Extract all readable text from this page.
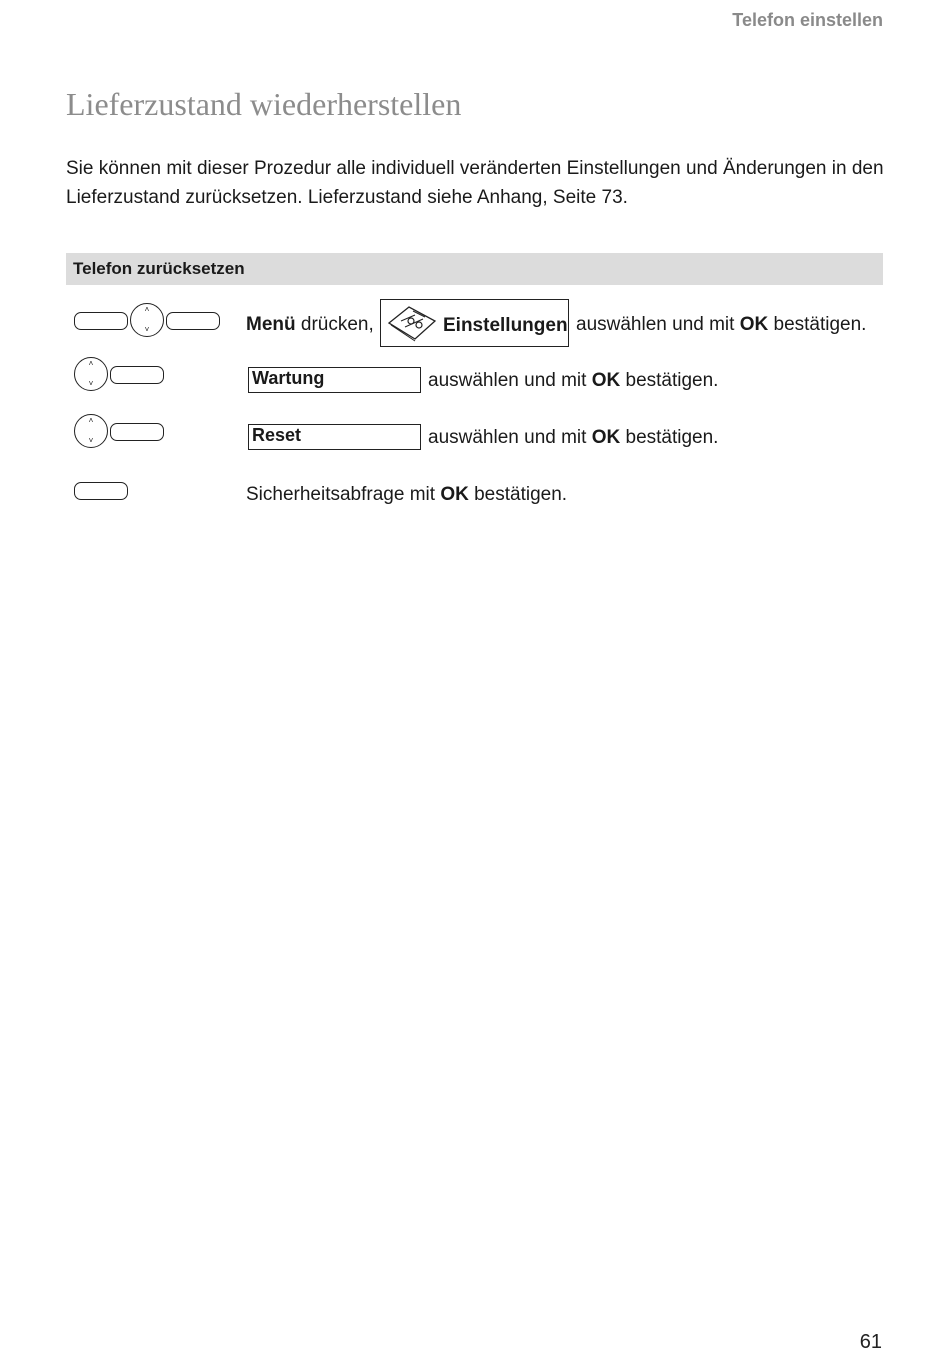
Telefon einstellen
Lieferzustand wiederherstellen

Sie können mit dieser Prozedur alle individuell veränderten Einstellungen und Änderungen in den Lieferzustand zurücksetzen. Lieferzustand siehe Anhang, Seite 73.

Telefon zurücksetzen
˄
˅	Menü drücken,	Einstellungen auswählen und mit OK bestätigen.
˄
˅	Wartung	auswählen und mit OK bestätigen.
˄
˅	Reset	auswählen und mit OK bestätigen.
Sicherheitsabfrage mit OK bestätigen.
61
